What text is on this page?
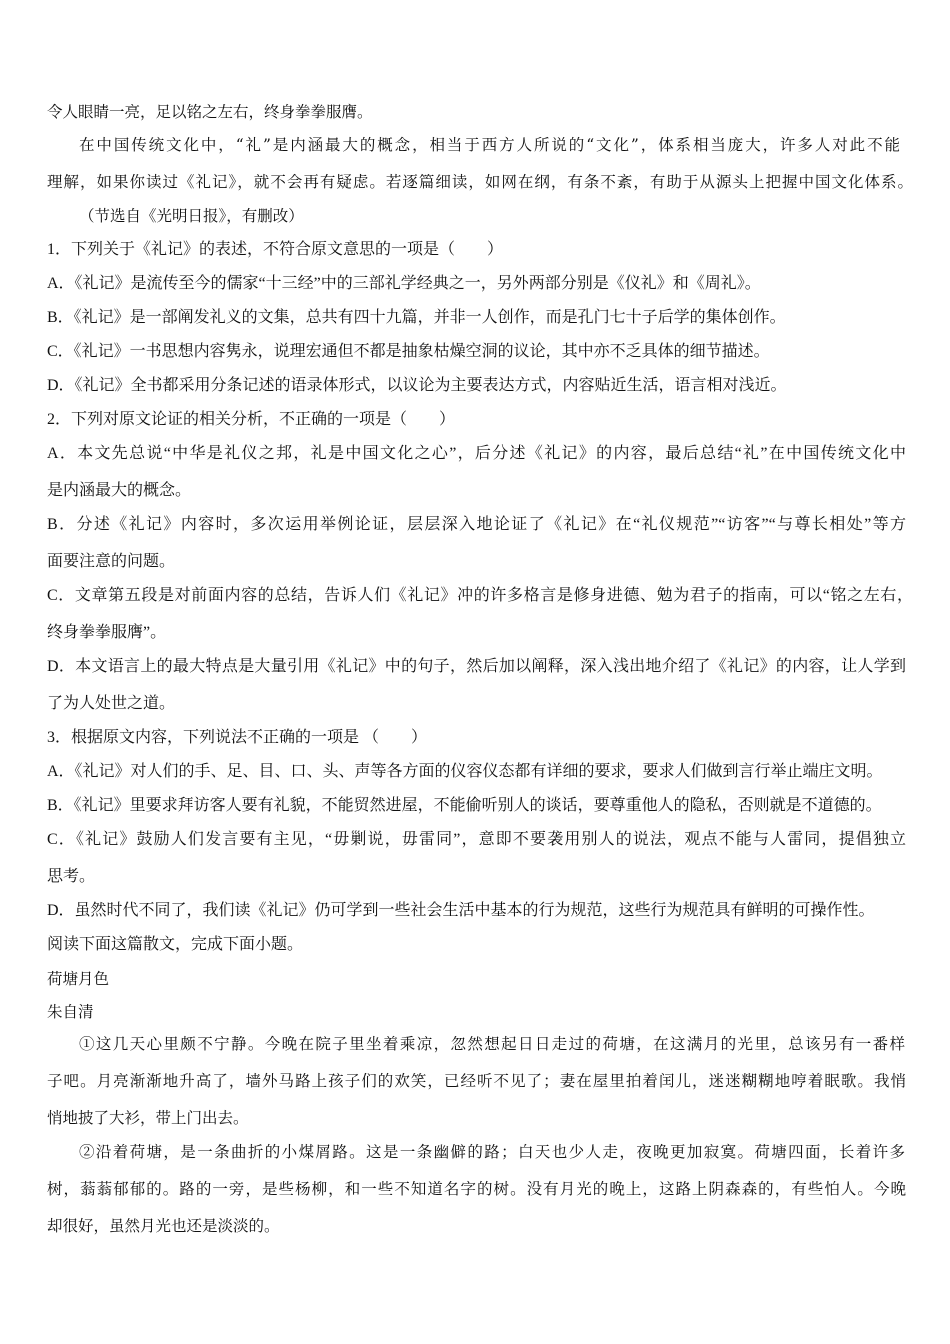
令人眼睛一亮，足以铭之左右，终身拳拳服膺。
在中国传统文化中，“礼”是内涵最大的概念，相当于西方人所说的“文化”，体系相当庞大，许多人对此不能
理解，如果你读过《礼记》，就不会再有疑虑。若逐篇细读，如网在纲，有条不紊，有助于从源头上把握中国文化体系。
（节选自《光明日报》，有删改）
1．下列关于《礼记》的表述，不符合原文意思的一项是（　　）
A．《礼记》是流传至今的儒家“十三经”中的三部礼学经典之一，另外两部分别是《仪礼》和《周礼》。
B．《礼记》是一部阐发礼义的文集，总共有四十九篇，并非一人创作，而是孔门七十子后学的集体创作。
C．《礼记》一书思想内容隽永，说理宏通但不都是抽象枯燥空洞的议论，其中亦不乏具体的细节描述。
D．《礼记》全书都采用分条记述的语录体形式，以议论为主要表达方式，内容贴近生活，语言相对浅近。
2．下列对原文论证的相关分析，不正确的一项是（　　）
A．本文先总说“中华是礼仪之邦，礼是中国文化之心”，后分述《礼记》的内容，最后总结“礼”在中国传统文化中
是内涵最大的概念。
B．分述《礼记》内容时，多次运用举例论证，层层深入地论证了《礼记》在“礼仪规范”“访客”“与尊长相处”等方
面要注意的问题。
C．文章第五段是对前面内容的总结，告诉人们《礼记》冲的许多格言是修身进德、勉为君子的指南，可以“铭之左右，
终身拳拳服膺”。
D．本文语言上的最大特点是大量引用《礼记》中的句子，然后加以阐释，深入浅出地介绍了《礼记》的内容，让人学到
了为人处世之道。
3．根据原文内容，下列说法不正确的一项是 （　　）
A．《礼记》对人们的手、足、目、口、头、声等各方面的仪容仪态都有详细的要求，要求人们做到言行举止端庄文明。
B．《礼记》里要求拜访客人要有礼貌，不能贸然进屋，不能偷听别人的谈话，要尊重他人的隐私，否则就是不道德的。
C．《礼记》鼓励人们发言要有主见，“毋剿说，毋雷同”，意即不要袭用别人的说法，观点不能与人雷同，提倡独立
思考。
D．虽然时代不同了，我们读《礼记》仍可学到一些社会生活中基本的行为规范，这些行为规范具有鲜明的可操作性。
阅读下面这篇散文，完成下面小题。
荷塘月色
朱自清
①这几天心里颇不宁静。今晚在院子里坐着乘凉，忽然想起日日走过的荷塘，在这满月的光里，总该另有一番样
子吧。月亮渐渐地升高了，墙外马路上孩子们的欢笑，已经听不见了；妻在屋里拍着闰儿，迷迷糊糊地哼着眠歌。我悄
悄地披了大衫，带上门出去。
②沿着荷塘，是一条曲折的小煤屑路。这是一条幽僻的路；白天也少人走，夜晚更加寂寞。荷塘四面，长着许多
树，蓊蓊郁郁的。路的一旁，是些杨柳，和一些不知道名字的树。没有月光的晚上，这路上阴森森的，有些怕人。今晚
却很好，虽然月光也还是淡淡的。
